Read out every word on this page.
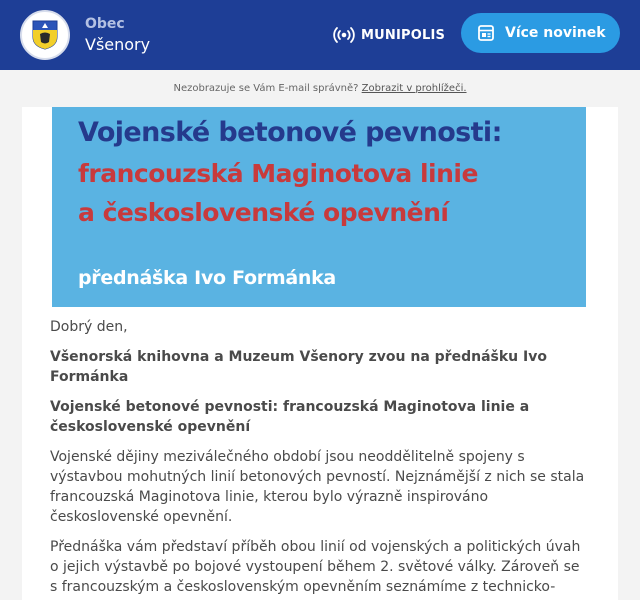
Obec
Všenory	MUNIPOLIS	Více novinek
Nezobrazuje se Vám E-mail správně? Zobrazit v prohlížeči.
Vojenské betonové pevnosti:
francouzská Maginotova linie
a československé opevnění
přednáška Ivo Formánka

Dobrý den,

Všenorská knihovna a Muzeum Všenory zvou na přednášku Ivo Formánka

Vojenské betonové pevnosti: francouzská Maginotova linie a československé opevnění

Vojenské dějiny meziválečného období jsou neoddělitelně spojeny s výstavbou mohutných linií betonových pevností. Nejznámější z nich se stala francouzská Maginotova linie, kterou bylo výrazně inspirováno československé opevnění.

Přednáška vám představí příběh obou linií od vojenských a politických úvah o jejich výstavbě po bojové vystoupení během 2. světové války. Zároveň se s francouzským a československým opevněním seznámíme z technicko-
